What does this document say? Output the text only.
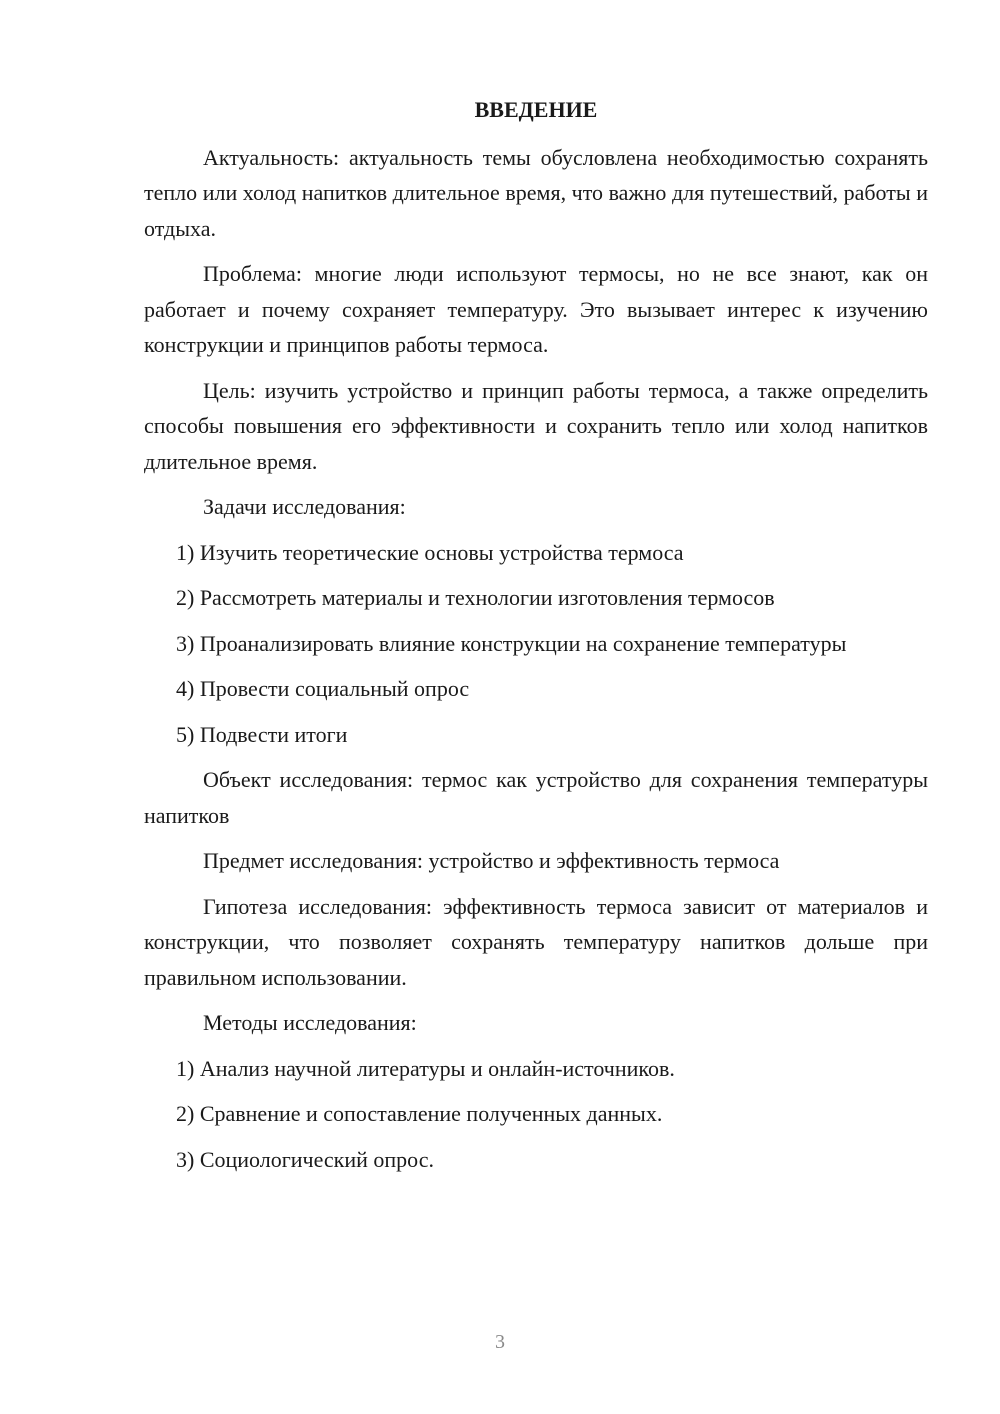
ВВЕДЕНИЕ

Актуальность: актуальность темы обусловлена необходимостью сохранять тепло или холод напитков длительное время, что важно для путешествий, работы и отдыха.

Проблема: многие люди используют термосы, но не все знают, как он работает и почему сохраняет температуру. Это вызывает интерес к изучению конструкции и принципов работы термоса.

Цель: изучить устройство и принцип работы термоса, а также определить способы повышения его эффективности и сохранить тепло или холод напитков длительное время.

Задачи исследования:

1) Изучить теоретические основы устройства термоса

2) Рассмотреть материалы и технологии изготовления термосов

3) Проанализировать влияние конструкции на сохранение температуры

4) Провести социальный опрос

5) Подвести итоги

Объект исследования: термос как устройство для сохранения температуры напитков

Предмет исследования: устройство и эффективность термоса

Гипотеза исследования: эффективность термоса зависит от материалов и конструкции, что позволяет сохранять температуру напитков дольше при правильном использовании.

Методы исследования:

1) Анализ научной литературы и онлайн-источников.

2) Сравнение и сопоставление полученных данных.

3) Социологический опрос.

3
